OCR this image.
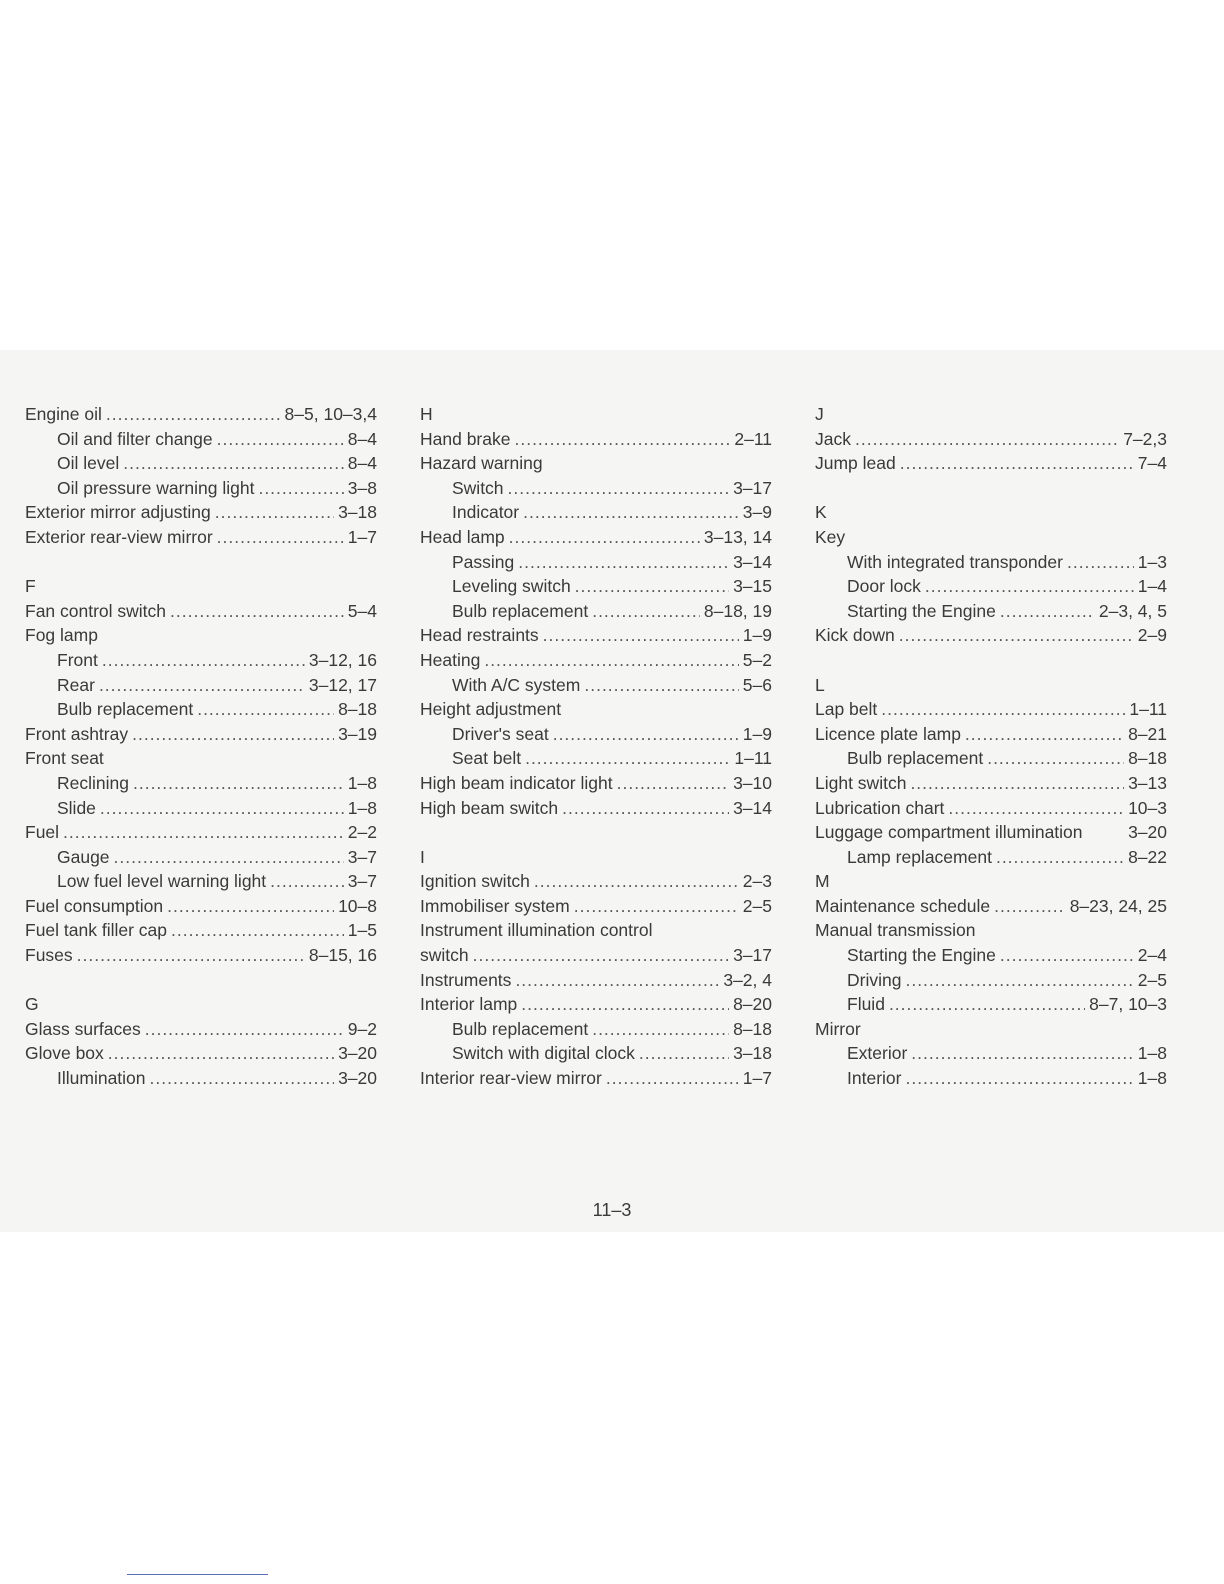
Engine oil .....	8–5, 10–3,4
Oil and filter change .....	8–4
Oil level .....	8–4
Oil pressure warning light .....	3–8
Exterior mirror adjusting .....	3–18
Exterior rear-view mirror .....	1–7
F
Fan control switch .....	5–4
Fog lamp
Front .....	3–12, 16
Rear .....	3–12, 17
Bulb replacement .....	8–18
Front ashtray .....	3–19
Front seat
Reclining .....	1–8
Slide .....	1–8
Fuel .....	2–2
Gauge .....	3–7
Low fuel level warning light .....	3–7
Fuel consumption .....	10–8
Fuel tank filler cap .....	1–5
Fuses .....	8–15, 16
G
Glass surfaces .....	9–2
Glove box .....	3–20
Illumination .....	3–20
H
Hand brake .....	2–11
Hazard warning
Switch .....	3–17
Indicator .....	3–9
Head lamp .....	3–13, 14
Passing .....	3–14
Leveling switch .....	3–15
Bulb replacement .....	8–18, 19
Head restraints .....	1–9
Heating .....	5–2
With A/C system .....	5–6
Height adjustment
Driver's seat .....	1–9
Seat belt .....	1–11
High beam indicator light .....	3–10
High beam switch .....	3–14
I
Ignition switch .....	2–3
Immobiliser system .....	2–5
Instrument illumination control
switch .....	3–17
Instruments .....	3–2, 4
Interior lamp .....	8–20
Bulb replacement .....	8–18
Switch with digital clock .....	3–18
Interior rear-view mirror .....	1–7
J
Jack .....	7–2,3
Jump lead .....	7–4
K
Key
With integrated transponder .....	1–3
Door lock .....	1–4
Starting the Engine .....	2–3, 4, 5
Kick down .....	2–9
L
Lap belt .....	1–11
Licence plate lamp .....	8–21
Bulb replacement .....	8–18
Light switch .....	3–13
Lubrication chart .....	10–3
Luggage compartment illumination	3–20
Lamp replacement .....	8–22
M
Maintenance schedule .....	8–23, 24, 25
Manual transmission
Starting the Engine .....	2–4
Driving .....	2–5
Fluid .....	8–7, 10–3
Mirror
Exterior .....	1–8
Interior .....	1–8
11–3
